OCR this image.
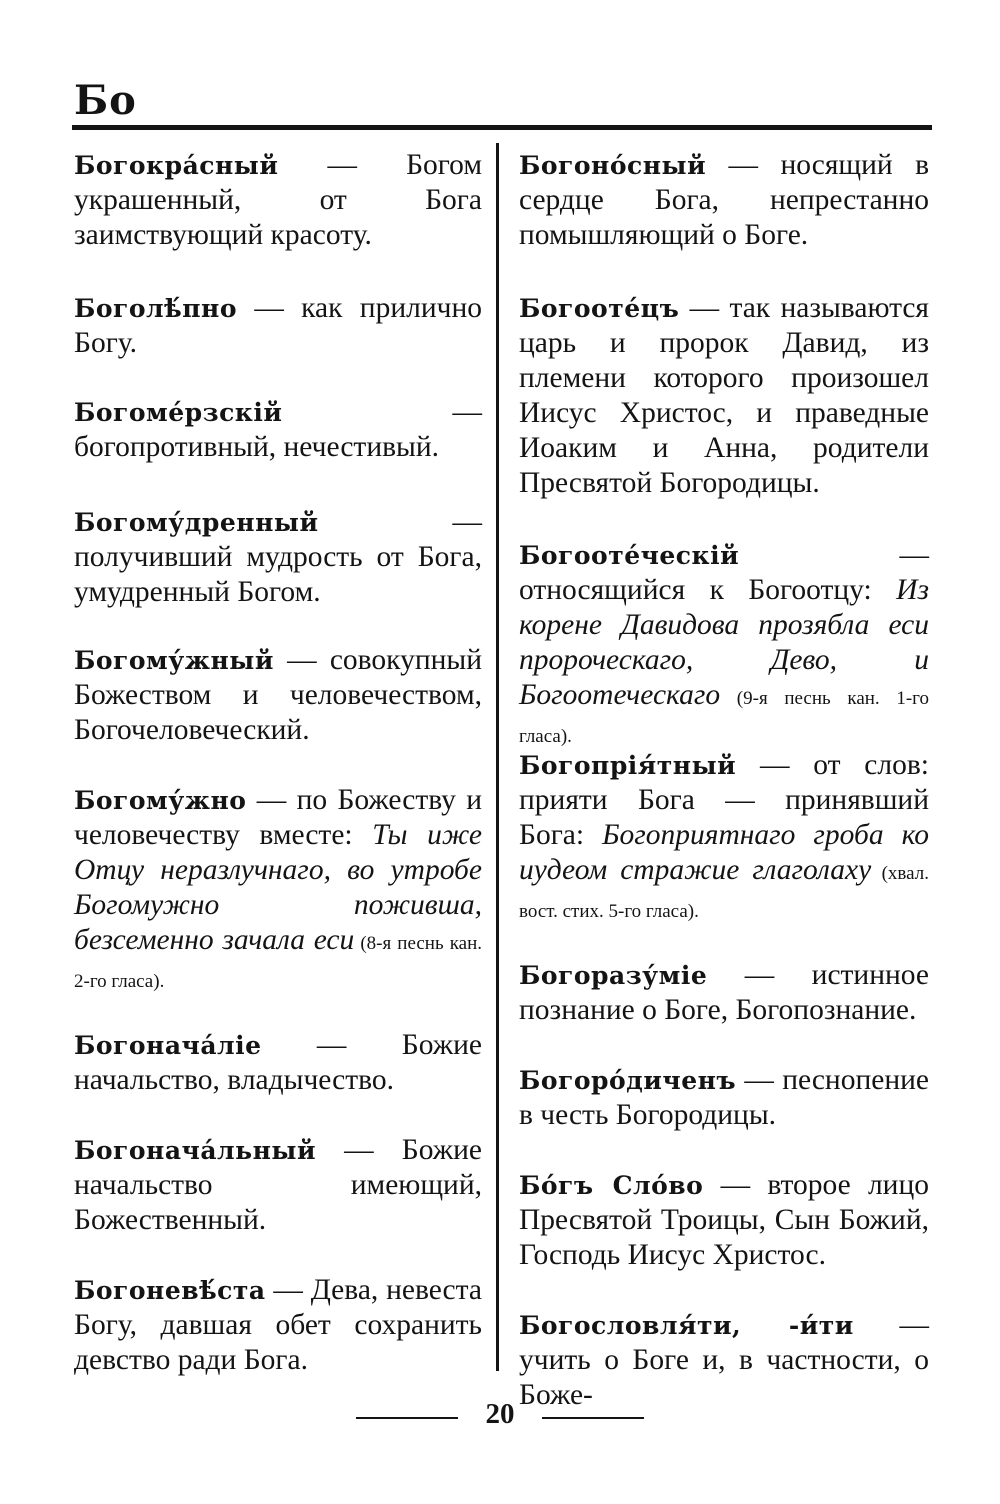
Бо
Богокра́сный — Богом украшенный, от Бога заимствующий красоту.
Боголѣ́пно — как прилично Богу.
Богоме́рзскій — богопротивный, нечестивый.
Богому́дренный — получивший мудрость от Бога, умудренный Богом.
Богому́жный — совокупный Божеством и человечеством, Богочеловеческий.
Богому́жно — по Божеству и человечеству вместе: Ты иже Отцу неразлучнаго, во утробе Богомужно поживша, безсеменно зачала еси (8-я песнь кан. 2-го гласа).
Богонача́ліе — Божие начальство, владычество.
Богонача́льный — Божие начальство имеющий, Божественный.
Богоневѣ́ста — Дева, невеста Богу, давшая обет сохранить девство ради Бога.
Богоно́сный — носящий в сердце Бога, непрестанно помышляющий о Боге.
Богооте́цъ — так называются царь и пророк Давид, из племени которого произошел Иисус Христос, и праведные Иоаким и Анна, родители Пресвятой Богородицы.
Богооте́ческій — относящийся к Богоотцу: Из корене Давидова прозябла еси пророческаго, Дево, и Богоотеческаго (9-я песнь кан. 1-го гласа).
Богопрія́тный — от слов: прияти Бога — принявший Бога: Богоприятнаго гроба ко иудеом стражие глаголаху (хвал. вост. стих. 5-го гласа).
Богоразу́міе — истинное познание о Боге, Богопознание.
Богоро́диченъ — песнопение в честь Богородицы.
Бо́гъ Сло́во — второе лицо Пресвятой Троицы, Сын Божий, Господь Иисус Христос.
Богословля́ти, -и́ти — учить о Боге и, в частности, о Боже-
20
